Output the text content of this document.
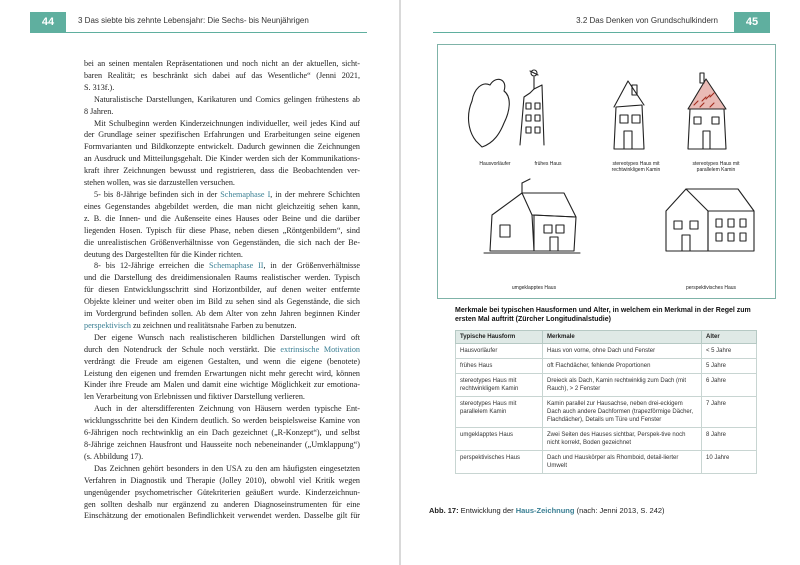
44	3 Das siebte bis zehnte Lebensjahr: Die Sechs- bis Neunjährigen
bei an seinen mentalen Repräsentationen und noch nicht an der aktuellen, sicht-
baren Realität; es beschränkt sich dabei auf das Wesentliche“ (Jenni 2021,
S. 313f.).
Naturalistische Darstellungen, Karikaturen und Comics gelingen frühestens ab
8 Jahren.
Mit Schulbeginn werden Kinderzeichnungen individueller, weil jedes Kind auf
der Grundlage seiner spezifischen Erfahrungen und Erarbeitungen seine eigenen
Formvarianten und Bildkonzepte entwickelt. Dadurch gewinnen die Zeichnungen
an Ausdruck und Mitteilungsgehalt. Die Kinder werden sich der Kommunikations-
kraft ihrer Zeichnungen bewusst und registrieren, dass die Beobachtenden ver-
stehen wollen, was sie darzustellen versuchen.
5- bis 8-Jährige befinden sich in der Schemaphase I, in der mehrere Schichten
eines Gegenstandes abgebildet werden, die man nicht gleichzeitig sehen kann,
z. B. die Innen- und die Außenseite eines Hauses oder Beine und die darüber
liegenden Hosen. Typisch für diese Phase, neben diesen „Röntgenbildern“, sind
die unrealistischen Größenverhältnisse von Gegenständen, die sich nach der Be-
deutung des Dargestellten für die Kinder richten.
8- bis 12-Jährige erreichen die Schemaphase II, in der Größenverhältnisse
und die Darstellung des dreidimensionalen Raums realistischer werden. Typisch
für diesen Entwicklungsschritt sind Horizontbilder, auf denen weiter entfernte
Objekte kleiner und weiter oben im Bild zu sehen sind als Gegenstände, die sich
im Vordergrund befinden sollen. Ab dem Alter von zehn Jahren beginnen Kinder
perspektivisch zu zeichnen und realitätsnahe Farben zu benutzen.
Der eigene Wunsch nach realistischeren bildlichen Darstellungen wird oft
durch den Notendruck der Schule noch verstärkt. Die extrinsische Motivation
verdrängt die Freude am eigenen Gestalten, und wenn die eigene (benotete)
Leistung den eigenen und fremden Erwartungen nicht mehr gerecht wird, können
Kinder ihre Freude am Malen und damit eine wichtige Möglichkeit zur emotiona-
len Verarbeitung von Erlebnissen und fiktiver Darstellung verlieren.
Auch in der altersdifferenten Zeichnung von Häusern werden typische Ent-
wicklungsschritte bei den Kindern deutlich. So werden beispielsweise Kamine von
6-Jährigen noch rechtwinklig an ein Dach gezeichnet („R-Konzept“), und selbst
8-Jährige zeichnen Hausfront und Hausseite noch nebeneinander („Umklappung“)
(s. Abbildung 17).
Das Zeichnen gehört besonders in den USA zu den am häufigsten eingesetzten
Verfahren in Diagnostik und Therapie (Jolley 2010), obwohl viel Kritik wegen
ungenügender psychometrischer Gütekriterien geäußert wurde. Kinderzeichnun-
gen sollten deshalb nur ergänzend zu anderen Diagnoseinstrumenten für eine
Einschätzung der emotionalen Befindlichkeit verwendet werden. Dasselbe gilt für
3.2 Das Denken von Grundschulkindern	45
Hausvorläufer	frühes Haus	stereotypes Haus mit
rechtwinkligem Kamin
stereotypes Haus mit
parallelem Kamin
umgeklapptes Haus	perspektivisches Haus
Merkmale bei typischen Hausformen und Alter, in welchem ein Merkmal in der Regel zum ersten Mal auftritt (Zürcher Longitudinalstudie)
Typische Hausform	Merkmale	Alter
Hausvorläufer	Haus von vorne, ohne Dach und Fenster	< 5 Jahre
frühes Haus	oft Flachdächer, fehlende Proportionen	5 Jahre
stereotypes Haus mit rechtwinkligem Kamin	Dreieck als Dach, Kamin rechtwinklig zum Dach (mit Rauch), > 2 Fenster	6 Jahre
stereotypes Haus mit parallelem Kamin	Kamin parallel zur Hausachse, neben drei-eckigem Dach auch andere Dachformen (trapezförmige Dächer, Flachdächer), Details um Türe und Fenster	7 Jahre
umgeklapptes Haus	Zwei Seiten des Hauses sichtbar, Perspek-tive noch nicht korrekt, Boden gezeichnet	8 Jahre
perspektivisches Haus	Dach und Hauskörper als Rhomboid, detail-lierter Umwelt	10 Jahre
Abb. 17: Entwicklung der Haus-Zeichnung (nach: Jenni 2013, S. 242)
